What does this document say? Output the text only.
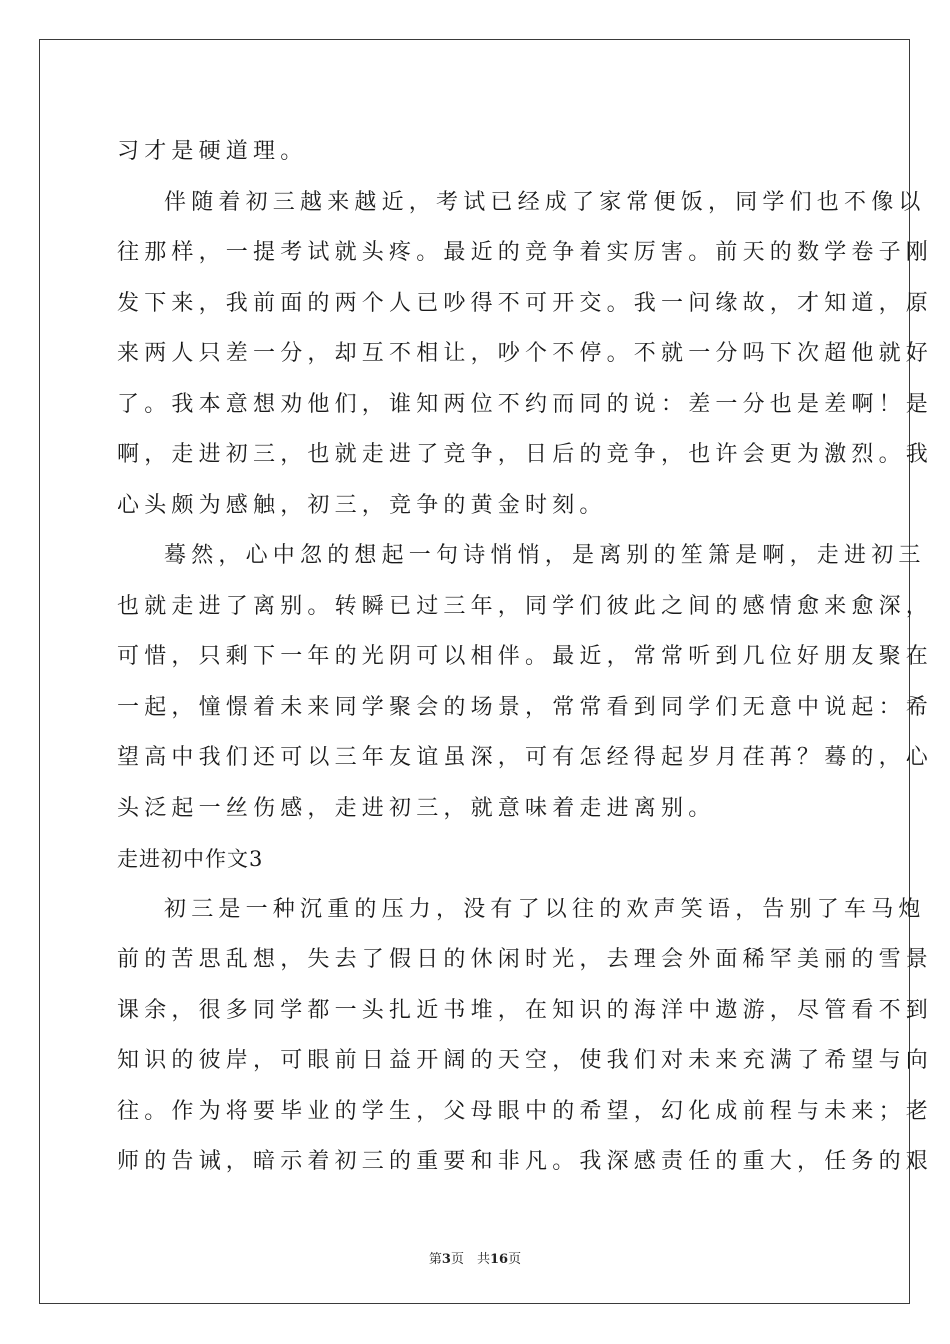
习才是硬道理。
伴随着初三越来越近，考试已经成了家常便饭，同学们也不像以
往那样，一提考试就头疼。最近的竞争着实厉害。前天的数学卷子刚
发下来，我前面的两个人已吵得不可开交。我一问缘故，才知道，原
来两人只差一分，却互不相让，吵个不停。不就一分吗下次超他就好
了。我本意想劝他们，谁知两位不约而同的说：差一分也是差啊！是
啊，走进初三，也就走进了竞争，日后的竞争，也许会更为激烈。我
心头颇为感触，初三，竞争的黄金时刻。
蓦然，心中忽的想起一句诗悄悄，是离别的笙箫是啊，走进初三
也就走进了离别。转瞬已过三年，同学们彼此之间的感情愈来愈深，
可惜，只剩下一年的光阴可以相伴。最近，常常听到几位好朋友聚在
一起，憧憬着未来同学聚会的场景，常常看到同学们无意中说起：希
望高中我们还可以三年友谊虽深，可有怎经得起岁月荏苒？蓦的，心
头泛起一丝伤感，走进初三，就意味着走进离别。
走进初中作文3
初三是一种沉重的压力，没有了以往的欢声笑语，告别了车马炮
前的苦思乱想，失去了假日的休闲时光，去理会外面稀罕美丽的雪景
课余，很多同学都一头扎近书堆，在知识的海洋中遨游，尽管看不到
知识的彼岸，可眼前日益开阔的天空，使我们对未来充满了希望与向
往。作为将要毕业的学生，父母眼中的希望，幻化成前程与未来；老
师的告诫，暗示着初三的重要和非凡。我深感责任的重大，任务的艰
第3页　共16页
